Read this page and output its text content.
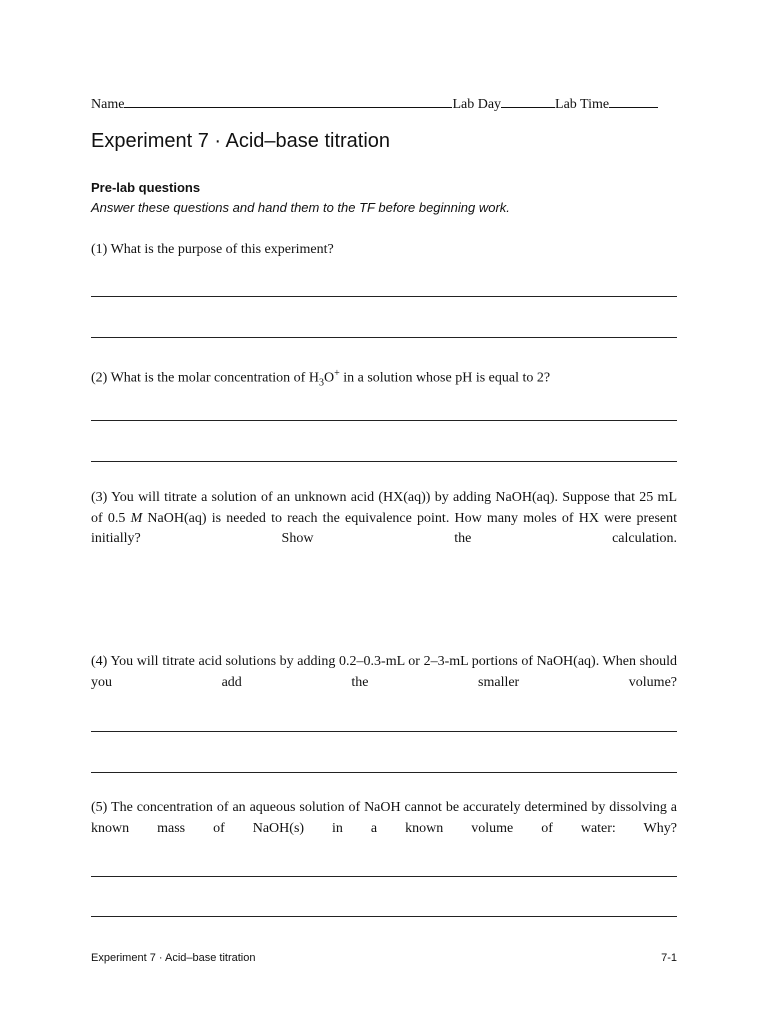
Name	Lab Day	Lab Time
Experiment 7 · Acid–base titration
Pre-lab questions
Answer these questions and hand them to the TF before beginning work.
(1) What is the purpose of this experiment?
(2) What is the molar concentration of $H_3O^+$ in a solution whose pH is equal to 2?
(3) You will titrate a solution of an unknown acid (HX(aq)) by adding NaOH(aq). Suppose that 25 mL of 0.5 M NaOH(aq) is needed to reach the equivalence point. How many moles of HX were present initially? Show the calculation.
(4) You will titrate acid solutions by adding 0.2–0.3-mL or 2–3-mL portions of NaOH(aq). When should you add the smaller volume?
(5) The concentration of an aqueous solution of NaOH cannot be accurately determined by dissolving a known mass of NaOH(s) in a known volume of water: Why?
Experiment 7 · Acid–base titration	7-1
